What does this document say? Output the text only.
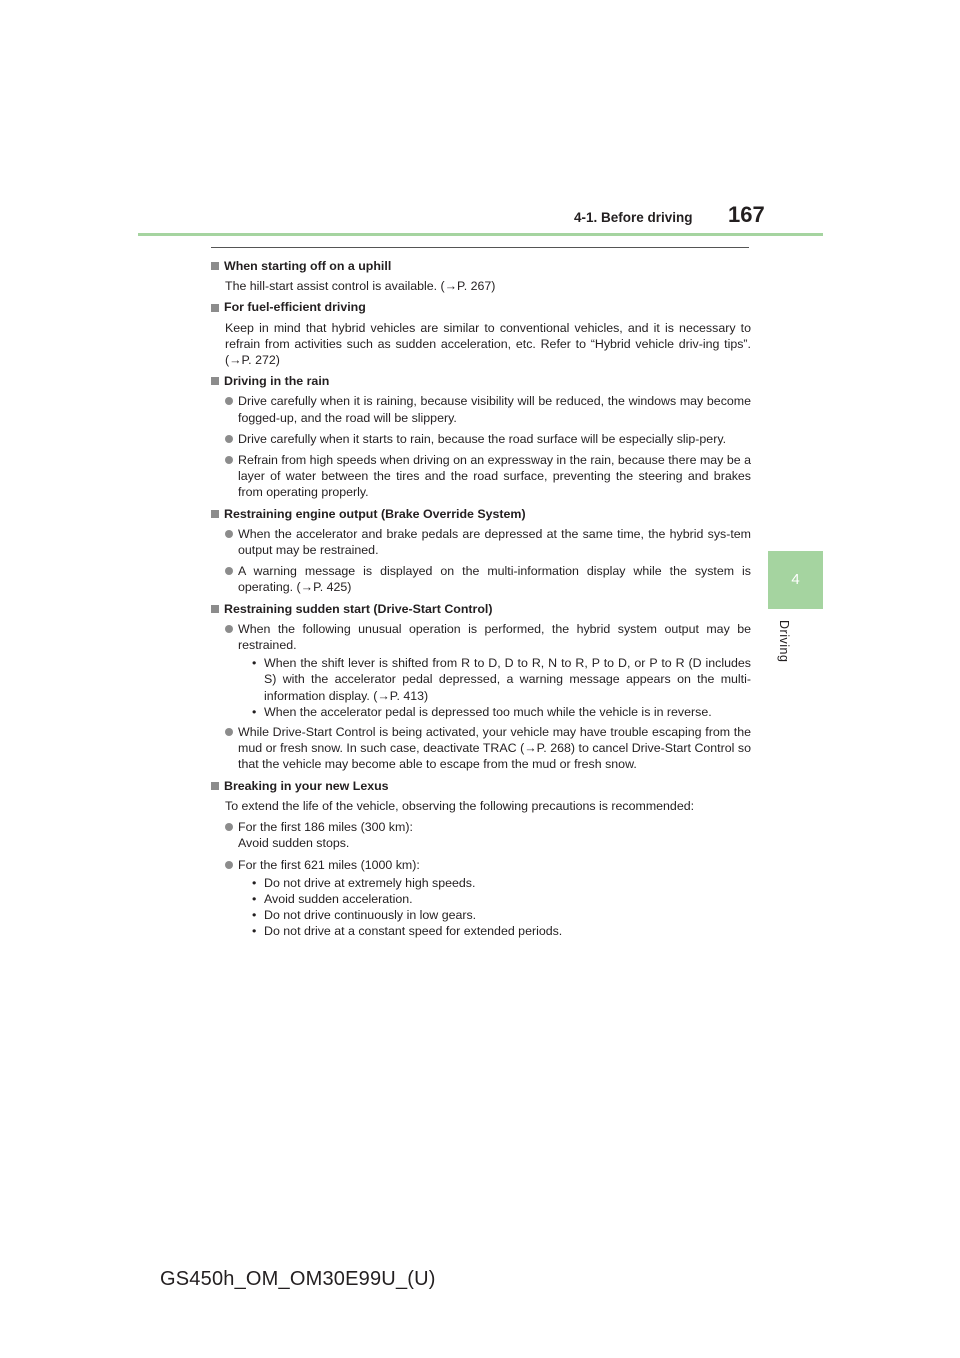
4-1. Before driving 167
4
Driving
When starting off on a uphill
The hill-start assist control is available. (→P. 267)
For fuel-efficient driving
Keep in mind that hybrid vehicles are similar to conventional vehicles, and it is necessary to refrain from activities such as sudden acceleration, etc. Refer to “Hybrid vehicle driv-ing tips”. (→P. 272)
Driving in the rain
Drive carefully when it is raining, because visibility will be reduced, the windows may become fogged-up, and the road will be slippery.
Drive carefully when it starts to rain, because the road surface will be especially slip-pery.
Refrain from high speeds when driving on an expressway in the rain, because there may be a layer of water between the tires and the road surface, preventing the steering and brakes from operating properly.
Restraining engine output (Brake Override System)
When the accelerator and brake pedals are depressed at the same time, the hybrid sys-tem output may be restrained.
A warning message is displayed on the multi-information display while the system is operating. (→P. 425)
Restraining sudden start (Drive-Start Control)
When the following unusual operation is performed, the hybrid system output may be restrained.
• When the shift lever is shifted from R to D, D to R, N to R, P to D, or P to R (D includes S) with the accelerator pedal depressed, a warning message appears on the multi-information display. (→P. 413)
• When the accelerator pedal is depressed too much while the vehicle is in reverse.
While Drive-Start Control is being activated, your vehicle may have trouble escaping from the mud or fresh snow. In such case, deactivate TRAC (→P. 268) to cancel Drive-Start Control so that the vehicle may become able to escape from the mud or fresh snow.
Breaking in your new Lexus
To extend the life of the vehicle, observing the following precautions is recommended:
For the first 186 miles (300 km):
Avoid sudden stops.
For the first 621 miles (1000 km):
• Do not drive at extremely high speeds.
• Avoid sudden acceleration.
• Do not drive continuously in low gears.
• Do not drive at a constant speed for extended periods.
GS450h_OM_OM30E99U_(U)
